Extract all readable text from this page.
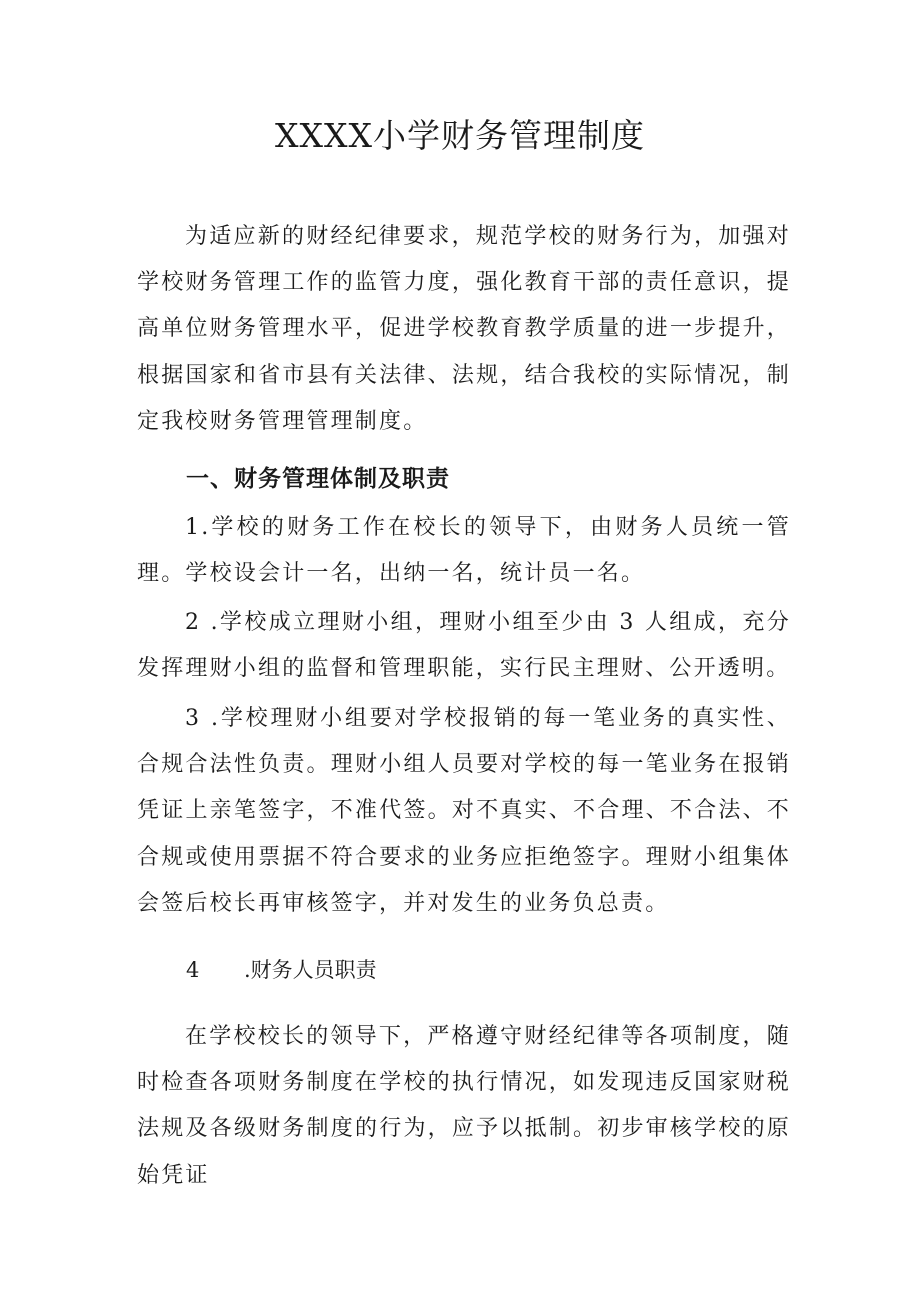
XXXX小学财务管理制度

为适应新的财经纪律要求，规范学校的财务行为，加强对学校财务管理工作的监管力度，强化教育干部的责任意识，提高单位财务管理水平，促进学校教育教学质量的进一步提升，根据国家和省市县有关法律、法规，结合我校的实际情况，制定我校财务管理管理制度。

一、财务管理体制及职责

1.学校的财务工作在校长的领导下，由财务人员统一管理。学校设会计一名，出纳一名，统计员一名。

2 .学校成立理财小组，理财小组至少由 3 人组成，充分发挥理财小组的监督和管理职能，实行民主理财、公开透明。

3 .学校理财小组要对学校报销的每一笔业务的真实性、合规合法性负责。理财小组人员要对学校的每一笔业务在报销凭证上亲笔签字，不准代签。对不真实、不合理、不合法、不合规或使用票据不符合要求的业务应拒绝签字。理财小组集体会签后校长再审核签字，并对发生的业务负总责。

4 .财务人员职责

在学校校长的领导下，严格遵守财经纪律等各项制度，随时检查各项财务制度在学校的执行情况，如发现违反国家财税法规及各级财务制度的行为，应予以抵制。初步审核学校的原始凭证
